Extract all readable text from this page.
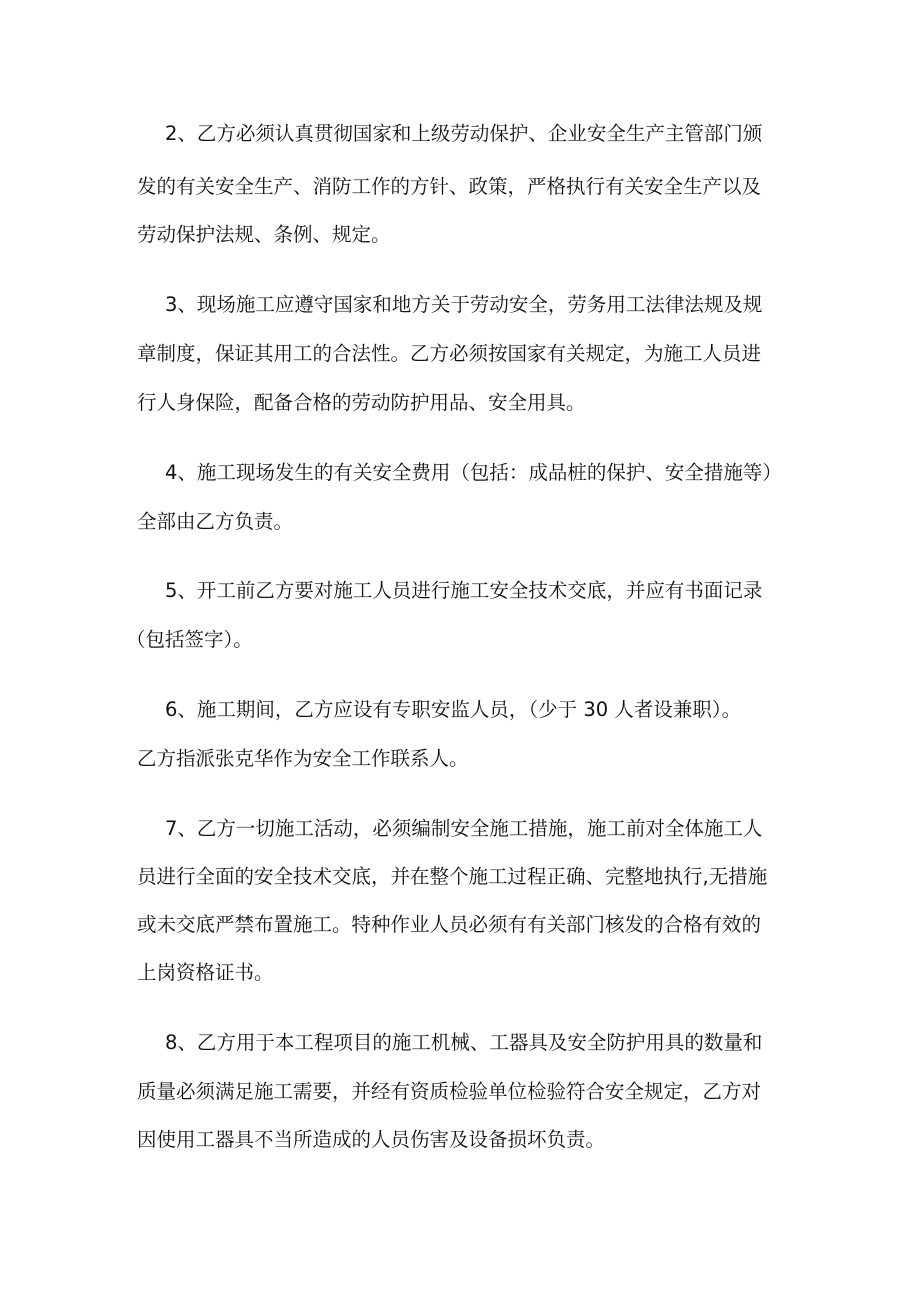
2、乙方必须认真贯彻国家和上级劳动保护、企业安全生产主管部门颁
发的有关安全生产、消防工作的方针、政策，严格执行有关安全生产以及
劳动保护法规、条例、规定。
3、现场施工应遵守国家和地方关于劳动安全，劳务用工法律法规及规
章制度，保证其用工的合法性。乙方必须按国家有关规定，为施工人员进
行人身保险，配备合格的劳动防护用品、安全用具。
4、施工现场发生的有关安全费用（包括：成品桩的保护、安全措施等）
全部由乙方负责。
5、开工前乙方要对施工人员进行施工安全技术交底，并应有书面记录
（包括签字）。
6、施工期间，乙方应设有专职安监人员，（少于 30 人者设兼职）。
乙方指派张克华作为安全工作联系人。
7、乙方一切施工活动，必须编制安全施工措施，施工前对全体施工人
员进行全面的安全技术交底，并在整个施工过程正确、完整地执行,无措施
或未交底严禁布置施工。特种作业人员必须有有关部门核发的合格有效的
上岗资格证书。
8、乙方用于本工程项目的施工机械、工器具及安全防护用具的数量和
质量必须满足施工需要，并经有资质检验单位检验符合安全规定，乙方对
因使用工器具不当所造成的人员伤害及设备损坏负责。
